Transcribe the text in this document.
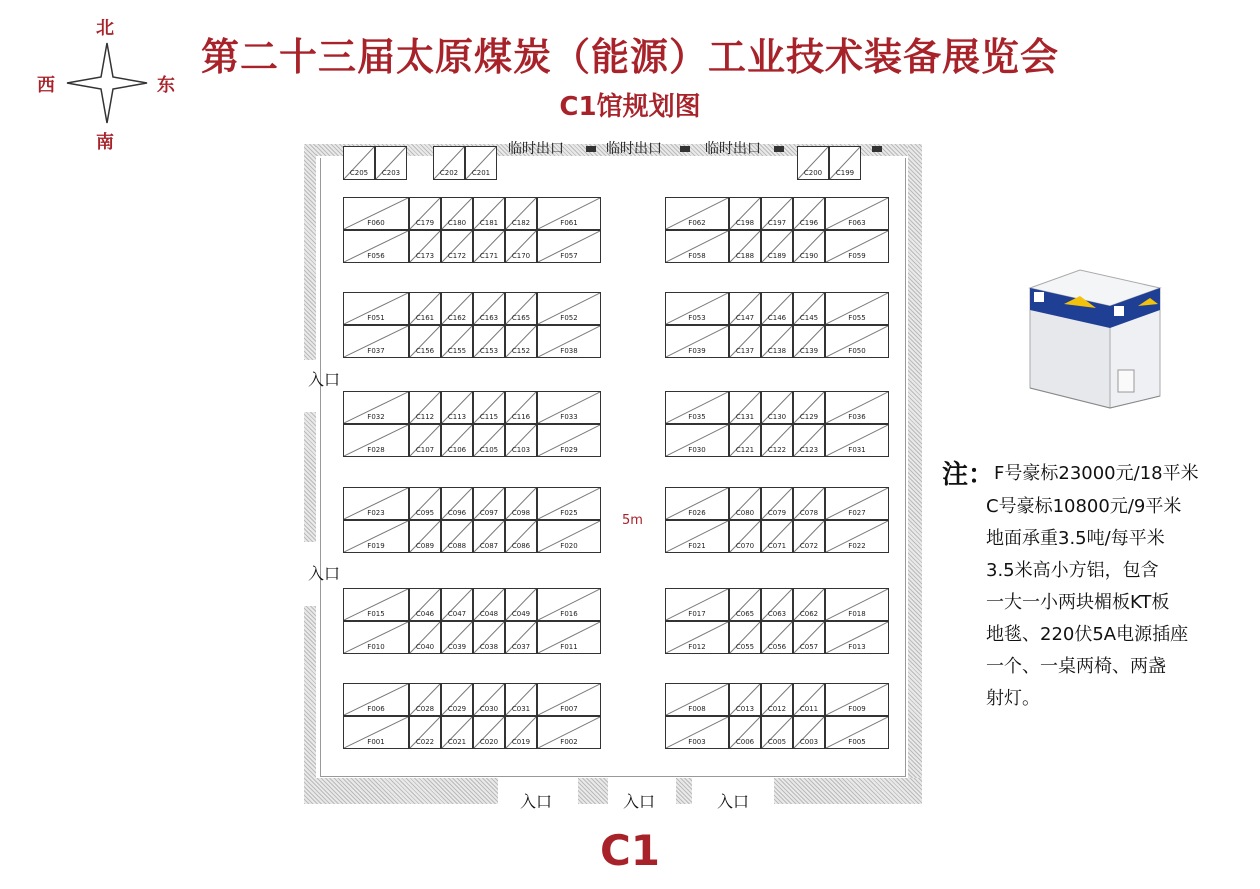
第二十三届太原煤炭（能源）工业技术装备展览会
C1馆规划图
北
南
西	东
临时出口	临时出口	临时出口
入口
入口
入口	入口	入口
5m
C205	C203	C202	C201	C200	C199
F060	C179	C180	C181	C182	F061
F056	C173	C172	C171	C170	F057
F051	C161	C162	C163	C165	F052
F037	C156	C155	C153	C152	F038
F032	C112	C113	C115	C116	F033
F028	C107	C106	C105	C103	F029
F023	C095	C096	C097	C098	F025
F019	C089	C088	C087	C086	F020
F015	C046	C047	C048	C049	F016
F010	C040	C039	C038	C037	F011
F006	C028	C029	C030	C031	F007
F001	C022	C021	C020	C019	F002
F062	C198	C197	C196	F063
F058	C188	C189	C190	F059
F053	C147	C146	C145	F055
F039	C137	C138	C139	F050
F035	C131	C130	C129	F036
F030	C121	C122	C123	F031
F026	C080	C079	C078	F027
F021	C070	C071	C072	F022
F017	C065	C063	C062	F018
F012	C055	C056	C057	F013
F008	C013	C012	C011	F009
F003	C006	C005	C003	F005
C1
注： F号豪标23000元/18平米
C号豪标10800元/9平米
地面承重3.5吨/每平米
3.5米高小方铝，包含
一大一小两块楣板KT板
地毯、220伏5A电源插座
一个、一桌两椅、两盏
射灯。
